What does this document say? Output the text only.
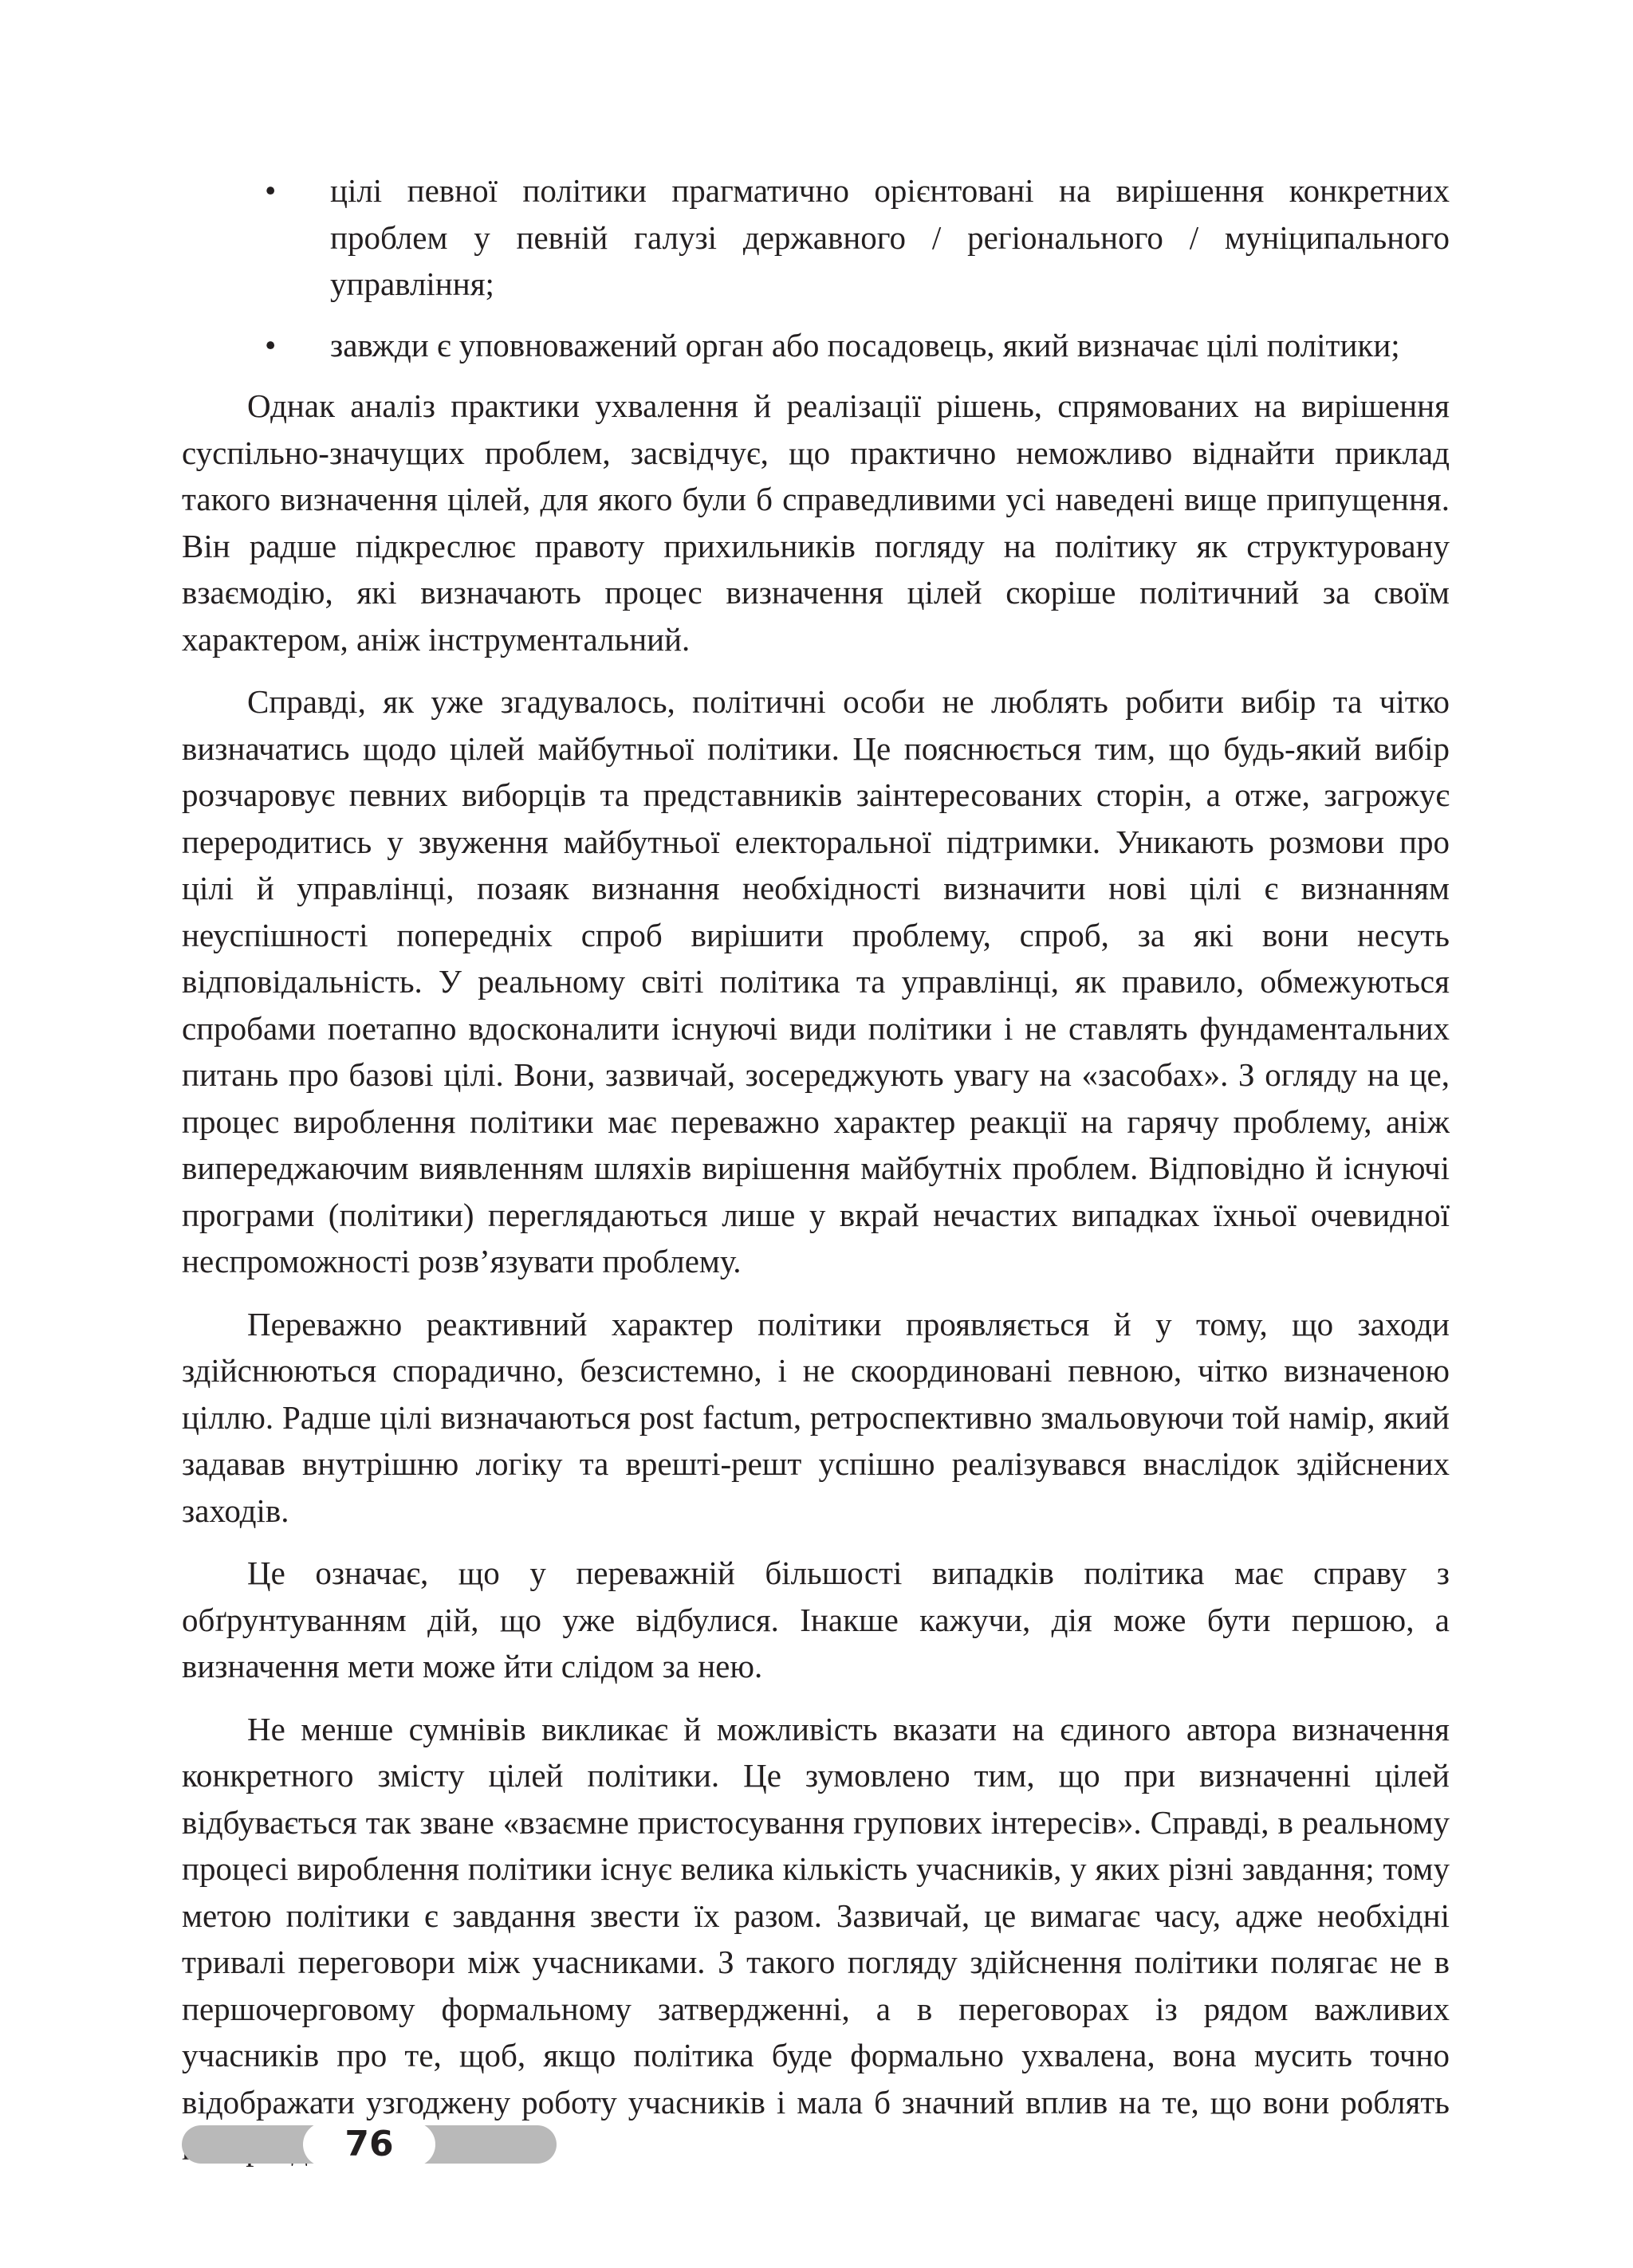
• цілі певної політики прагматично орієнтовані на вирішення конкретних проблем у певній галузі державного / регіонального / муніципального управління;
• завжди є уповноважений орган або посадовець, який визначає цілі політики;

Однак аналіз практики ухвалення й реалізації рішень, спрямованих на вирішення суспільно-значущих проблем, засвідчує, що практично неможливо віднайти приклад такого визначення цілей, для якого були б справедливими усі наведені вище припущення. Він радше підкреслює правоту прихильників погляду на політику як структуровану взаємодію, які визначають процес визначення цілей скоріше політичний за своїм характером, аніж інструментальний.

Справді, як уже згадувалось, політичні особи не люблять робити вибір та чітко визначатись щодо цілей майбутньої політики. Це пояснюється тим, що будь-який вибір розчаровує певних виборців та представників заінтересованих сторін, а отже, загрожує переродитись у звуження майбутньої електоральної підтримки. Уникають розмови про цілі й управлінці, позаяк визнання необхідності визначити нові цілі є визнанням неуспішності попередніх спроб вирішити проблему, спроб, за які вони несуть відповідальність. У реальному світі політика та управлінці, як правило, обмежуються спробами поетапно вдосконалити існуючі види політики і не ставлять фундаментальних питань про базові цілі. Вони, зазвичай, зосереджують увагу на «засобах». З огляду на це, процес вироблення політики має переважно характер реакції на гарячу проблему, аніж випереджаючим виявленням шляхів вирішення майбутніх проблем. Відповідно й існуючі програми (політики) переглядаються лише у вкрай нечастих випадках їхньої очевидної неспроможності розв’язувати проблему.

Переважно реактивний характер політики проявляється й у тому, що заходи здійснюються спорадично, безсистемно, і не скоординовані певною, чітко визначеною ціллю. Радше цілі визначаються post factum, ретроспективно змальовуючи той намір, який задавав внутрішню логіку та врешті-решт успішно реалізувався внаслідок здійснених заходів.

Це означає, що у переважній більшості випадків політика має справу з обґрунтуванням дій, що уже відбулися. Інакше кажучи, дія може бути першою, а визначення мети може йти слідом за нею.

Не менше сумнівів викликає й можливість вказати на єдиного автора визначення конкретного змісту цілей політики. Це зумовлено тим, що при визначенні цілей відбувається так зване «взаємне пристосування групових інтересів». Справді, в реальному процесі вироблення політики існує велика кількість учасників, у яких різні завдання; тому метою політики є завдання звести їх разом. Зазвичай, це вимагає часу, адже необхідні тривалі переговори між учасниками. З такого погляду здійснення політики полягає не в першочерговому формальному затвердженні, а в переговорах із рядом важливих учасників про те, щоб, якщо політика буде формально ухвалена, вона мусить точно відображати узгоджену роботу учасників і мала б значний вплив на те, що вони роблять

76
